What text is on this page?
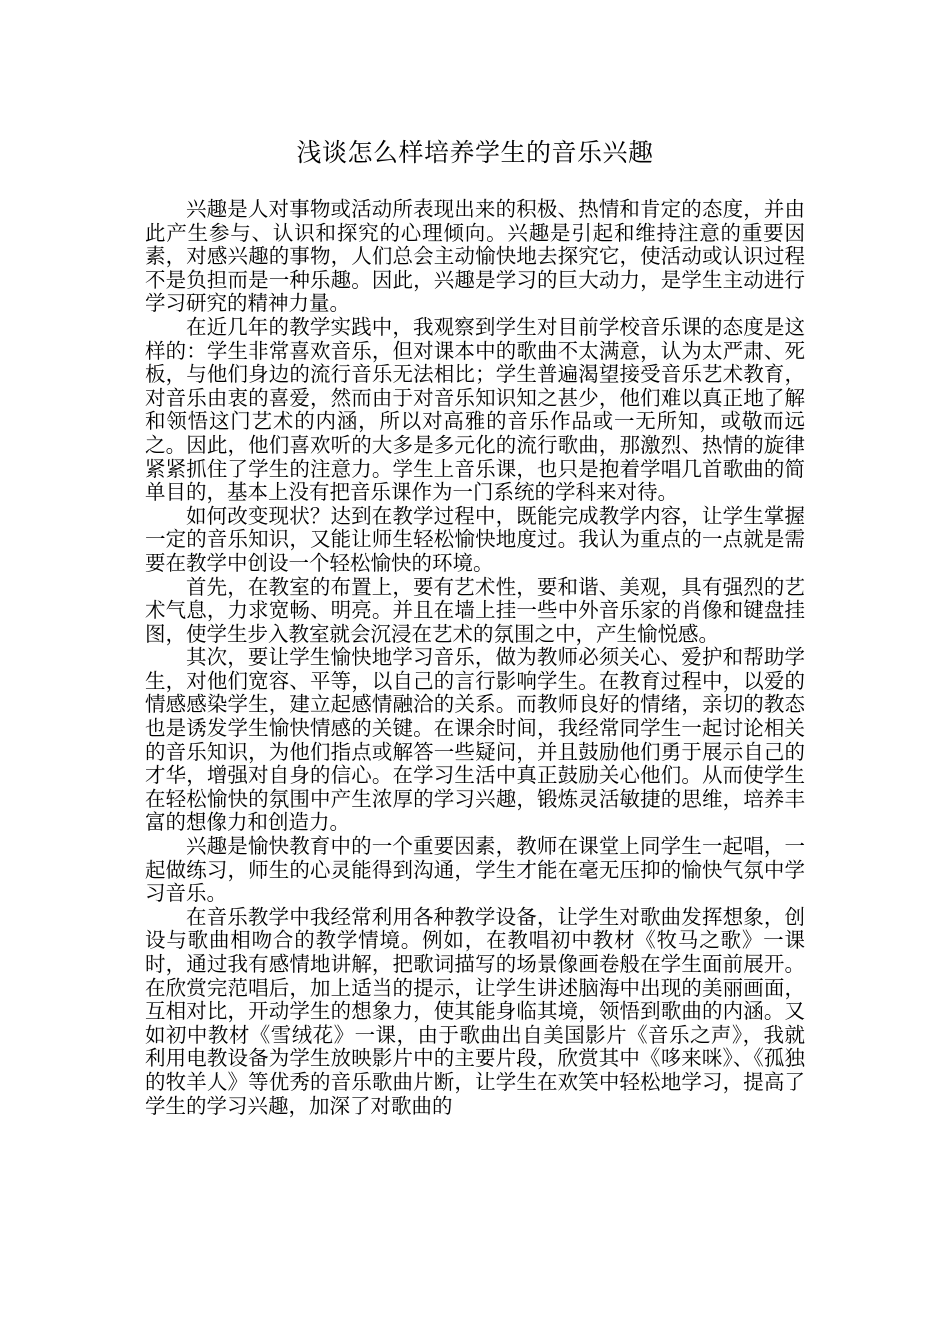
浅谈怎么样培养学生的音乐兴趣

兴趣是人对事物或活动所表现出来的积极、热情和肯定的态度，并由此产生参与、认识和探究的心理倾向。兴趣是引起和维持注意的重要因素，对感兴趣的事物，人们总会主动愉快地去探究它，使活动或认识过程不是负担而是一种乐趣。因此，兴趣是学习的巨大动力，是学生主动进行学习研究的精神力量。

在近几年的教学实践中，我观察到学生对目前学校音乐课的态度是这样的：学生非常喜欢音乐，但对课本中的歌曲不太满意，认为太严肃、死板，与他们身边的流行音乐无法相比；学生普遍渴望接受音乐艺术教育，对音乐由衷的喜爱，然而由于对音乐知识知之甚少，他们难以真正地了解和领悟这门艺术的内涵，所以对高雅的音乐作品或一无所知，或敬而远之。因此，他们喜欢听的大多是多元化的流行歌曲，那激烈、热情的旋律紧紧抓住了学生的注意力。学生上音乐课，也只是抱着学唱几首歌曲的简单目的，基本上没有把音乐课作为一门系统的学科来对待。

如何改变现状？达到在教学过程中，既能完成教学内容，让学生掌握一定的音乐知识，又能让师生轻松愉快地度过。我认为重点的一点就是需要在教学中创设一个轻松愉快的环境。

首先，在教室的布置上，要有艺术性，要和谐、美观，具有强烈的艺术气息，力求宽畅、明亮。并且在墙上挂一些中外音乐家的肖像和键盘挂图，使学生步入教室就会沉浸在艺术的氛围之中，产生愉悦感。

其次，要让学生愉快地学习音乐，做为教师必须关心、爱护和帮助学生，对他们宽容、平等，以自己的言行影响学生。在教育过程中，以爱的情感感染学生，建立起感情融洽的关系。而教师良好的情绪，亲切的教态也是诱发学生愉快情感的关键。在课余时间，我经常同学生一起讨论相关的音乐知识，为他们指点或解答一些疑问，并且鼓励他们勇于展示自己的才华，增强对自身的信心。在学习生活中真正鼓励关心他们。从而使学生在轻松愉快的氛围中产生浓厚的学习兴趣，锻炼灵活敏捷的思维，培养丰富的想像力和创造力。

兴趣是愉快教育中的一个重要因素，教师在课堂上同学生一起唱，一起做练习，师生的心灵能得到沟通，学生才能在毫无压抑的愉快气氛中学习音乐。

在音乐教学中我经常利用各种教学设备，让学生对歌曲发挥想象，创设与歌曲相吻合的教学情境。例如，在教唱初中教材《牧马之歌》一课时，通过我有感情地讲解，把歌词描写的场景像画卷般在学生面前展开。在欣赏完范唱后，加上适当的提示，让学生讲述脑海中出现的美丽画面，互相对比，开动学生的想象力，使其能身临其境，领悟到歌曲的内涵。又如初中教材《雪绒花》一课，由于歌曲出自美国影片《音乐之声》，我就利用电教设备为学生放映影片中的主要片段，欣赏其中《哆来咪》、《孤独的牧羊人》等优秀的音乐歌曲片断，让学生在欢笑中轻松地学习，提高了学生的学习兴趣，加深了对歌曲的
